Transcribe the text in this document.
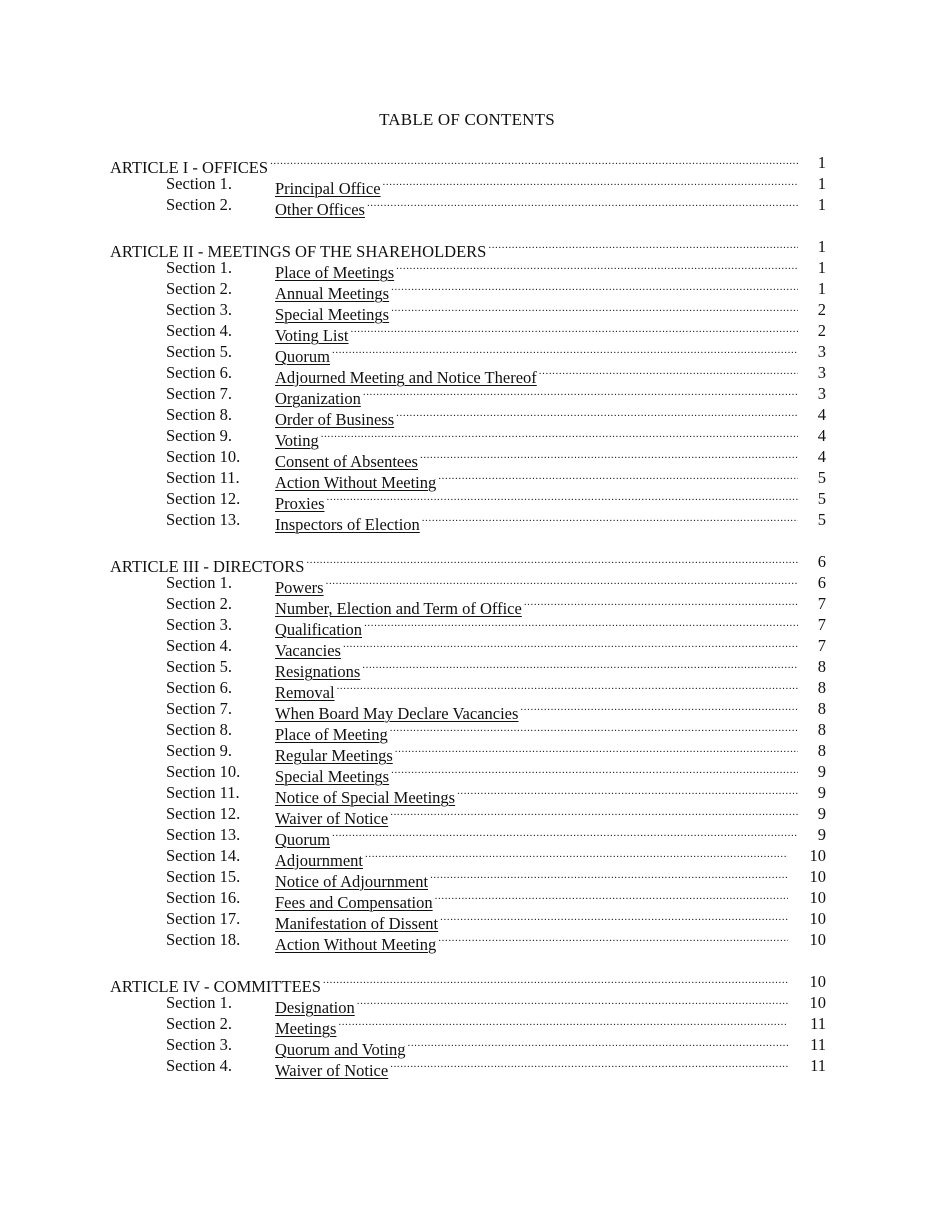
TABLE OF CONTENTS
ARTICLE I - OFFICES .....	1
Section 1.	Principal Office .....	1
Section 2.	Other Offices .....	1
ARTICLE II - MEETINGS OF THE SHAREHOLDERS .....	1
Section 1.	Place of Meetings .....	1
Section 2.	Annual Meetings .....	1
Section 3.	Special Meetings .....	2
Section 4.	Voting List .....	2
Section 5.	Quorum .....	3
Section 6.	Adjourned Meeting and Notice Thereof .....	3
Section 7.	Organization .....	3
Section 8.	Order of Business .....	4
Section 9.	Voting .....	4
Section 10. Consent of Absentees .....	4
Section 11. Action Without Meeting .....	5
Section 12. Proxies .....	5
Section 13. Inspectors of Election .....	5
ARTICLE III - DIRECTORS .....	6
Section 1.	Powers .....	6
Section 2.	Number, Election and Term of Office .....	7
Section 3.	Qualification .....	7
Section 4.	Vacancies .....	7
Section 5.	Resignations .....	8
Section 6.	Removal .....	8
Section 7.	When Board May Declare Vacancies .....	8
Section 8.	Place of Meeting .....	8
Section 9.	Regular Meetings .....	8
Section 10. Special Meetings .....	9
Section 11. Notice of Special Meetings .....	9
Section 12. Waiver of Notice .....	9
Section 13. Quorum .....	9
Section 14. Adjournment .....	10
Section 15. Notice of Adjournment .....	10
Section 16. Fees and Compensation .....	10
Section 17. Manifestation of Dissent .....	10
Section 18. Action Without Meeting .....	10
ARTICLE IV - COMMITTEES .....	10
Section 1.	Designation .....	10
Section 2.	Meetings .....	11
Section 3.	Quorum and Voting .....	11
Section 4.	Waiver of Notice .....	11
